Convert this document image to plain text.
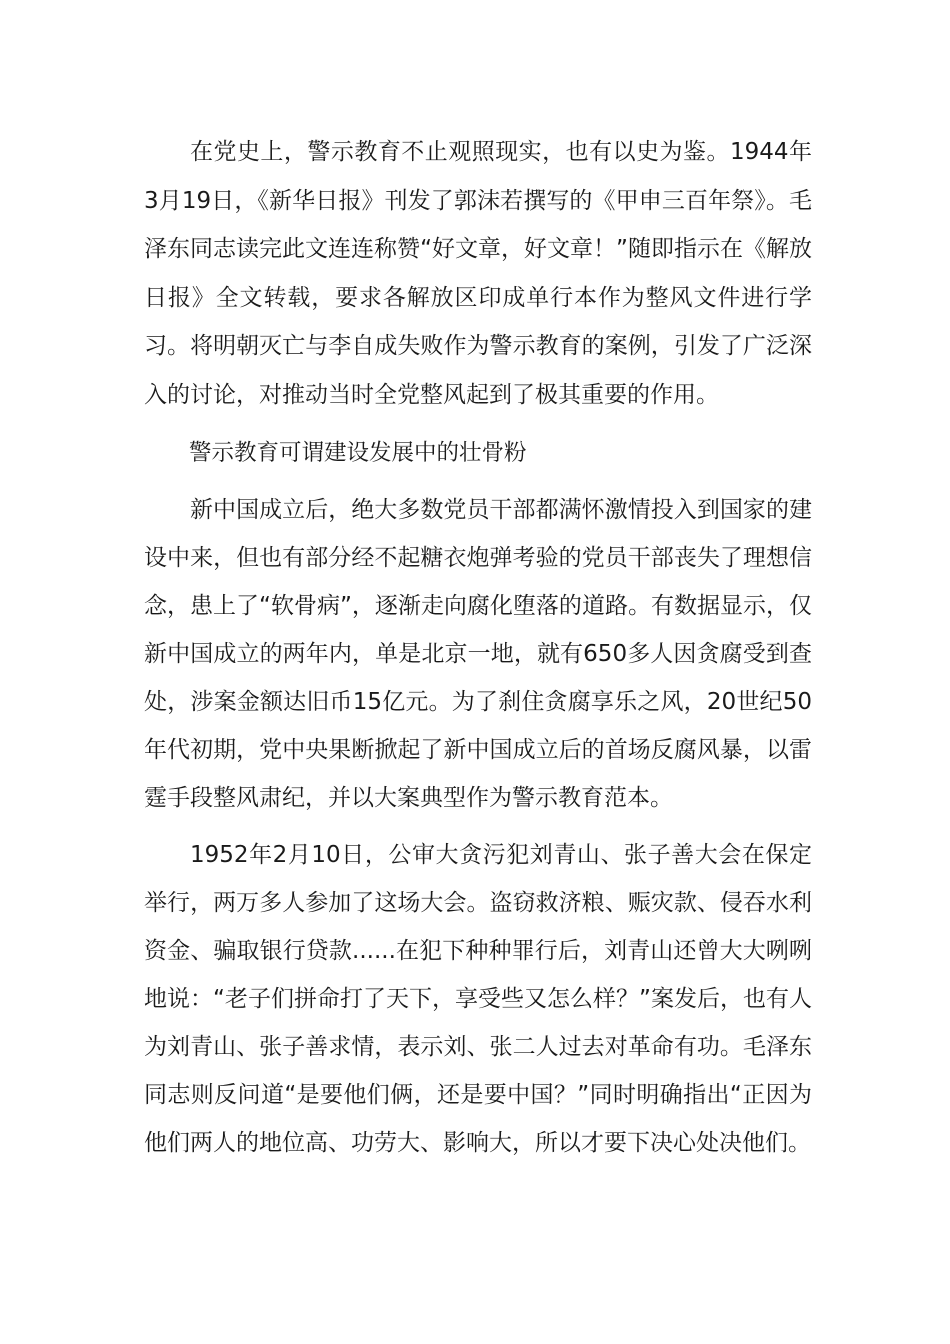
在党史上，警示教育不止观照现实，也有以史为鉴。1944年3月19日，《新华日报》刊发了郭沫若撰写的《甲申三百年祭》。毛泽东同志读完此文连连称赞“好文章，好文章！”随即指示在《解放日报》全文转载，要求各解放区印成单行本作为整风文件进行学习。将明朝灭亡与李自成失败作为警示教育的案例，引发了广泛深入的讨论，对推动当时全党整风起到了极其重要的作用。

警示教育可谓建设发展中的壮骨粉

新中国成立后，绝大多数党员干部都满怀激情投入到国家的建设中来，但也有部分经不起糖衣炮弹考验的党员干部丧失了理想信念，患上了“软骨病”，逐渐走向腐化堕落的道路。有数据显示，仅新中国成立的两年内，单是北京一地，就有650多人因贪腐受到查处，涉案金额达旧币15亿元。为了刹住贪腐享乐之风，20世纪50年代初期，党中央果断掀起了新中国成立后的首场反腐风暴，以雷霆手段整风肃纪，并以大案典型作为警示教育范本。

1952年2月10日，公审大贪污犯刘青山、张子善大会在保定举行，两万多人参加了这场大会。盗窃救济粮、赈灾款、侵吞水利资金、骗取银行贷款......在犯下种种罪行后，刘青山还曾大大咧咧地说：“老子们拼命打了天下，享受些又怎么样？”案发后，也有人为刘青山、张子善求情，表示刘、张二人过去对革命有功。毛泽东同志则反问道“是要他们俩，还是要中国？”同时明确指出“正因为他们两人的地位高、功劳大、影响大，所以才要下决心处决他们。
